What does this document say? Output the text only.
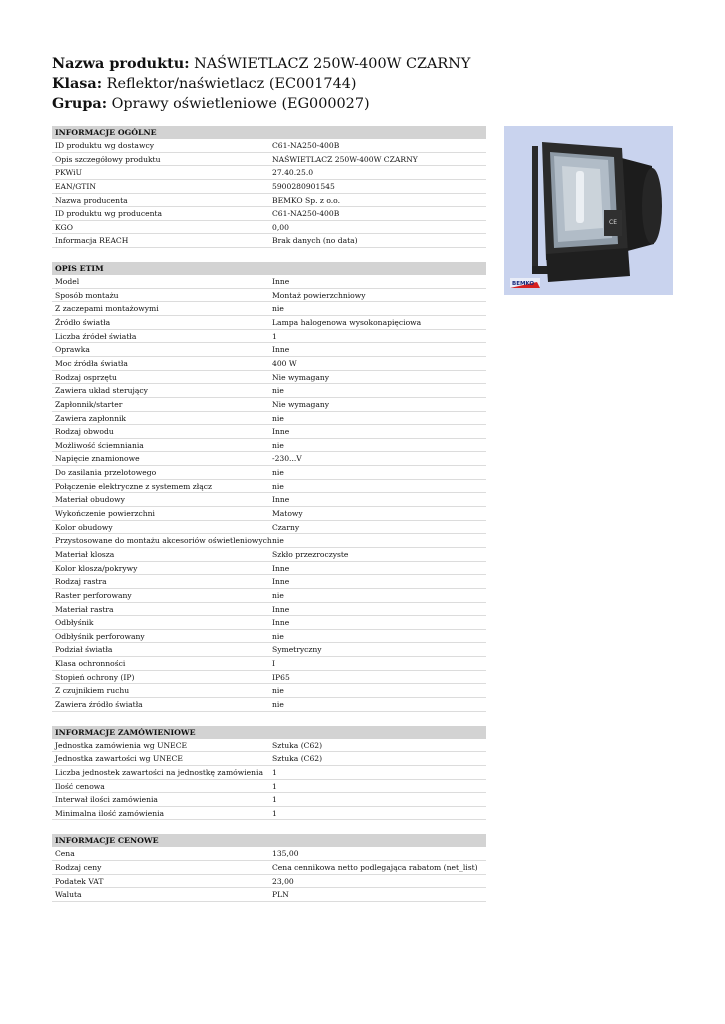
Nazwa produktu: NAŚWIETLACZ 250W-400W CZARNY
Klasa: Reflektor/naświetlacz (EC001744)
Grupa: Oprawy oświetleniowe (EG000027)
INFORMACJE OGÓLNE
ID produktu wg dostawcy	C61-NA250-400B
Opis szczegółowy produktu	NAŚWIETLACZ 250W-400W CZARNY
PKWiU	27.40.25.0
EAN/GTIN	5900280901545
Nazwa producenta	BEMKO Sp. z o.o.
ID produktu wg producenta	C61-NA250-400B
KGO	0,00
Informacja REACH	Brak danych (no data)
OPIS ETIM
Model	Inne
Sposób montażu	Montaż powierzchniowy
Z zaczepami montażowymi	nie
Źródło światła	Lampa halogenowa wysokonapięciowa
Liczba źródeł światła	1
Oprawka	Inne
Moc źródła światła	400 W
Rodzaj osprzętu	Nie wymagany
Zawiera układ sterujący	nie
Zapłonnik/starter	Nie wymagany
Zawiera zapłonnik	nie
Rodzaj obwodu	Inne
Możliwość ściemniania	nie
Napięcie znamionowe	-230...V
Do zasilania przelotowego	nie
Połączenie elektryczne z systemem złącz	nie
Materiał obudowy	Inne
Wykończenie powierzchni	Matowy
Kolor obudowy	Czarny
Przystosowane do montażu akcesoriów oświetleniowych nie
Materiał klosza	Szkło przezroczyste
Kolor klosza/pokrywy	Inne
Rodzaj rastra	Inne
Raster perforowany	nie
Materiał rastra	Inne
Odbłyśnik	Inne
Odbłyśnik perforowany	nie
Podział światła	Symetryczny
Klasa ochronności	I
Stopień ochrony (IP)	IP65
Z czujnikiem ruchu	nie
Zawiera źródło światła	nie
INFORMACJE ZAMÓWIENIOWE
Jednostka zamówienia wg UNECE	Sztuka (C62)
Jednostka zawartości wg UNECE	Sztuka (C62)
Liczba jednostek zawartości na jednostkę zamówienia	1
Ilość cenowa	1
Interwał ilości zamówienia	1
Minimalna ilość zamówienia	1
INFORMACJE CENOWE
Cena	135,00
Rodzaj ceny	Cena cennikowa netto podlegająca rabatom (net_list)
Podatek VAT	23,00
Waluta	PLN
CE
BEMKO
